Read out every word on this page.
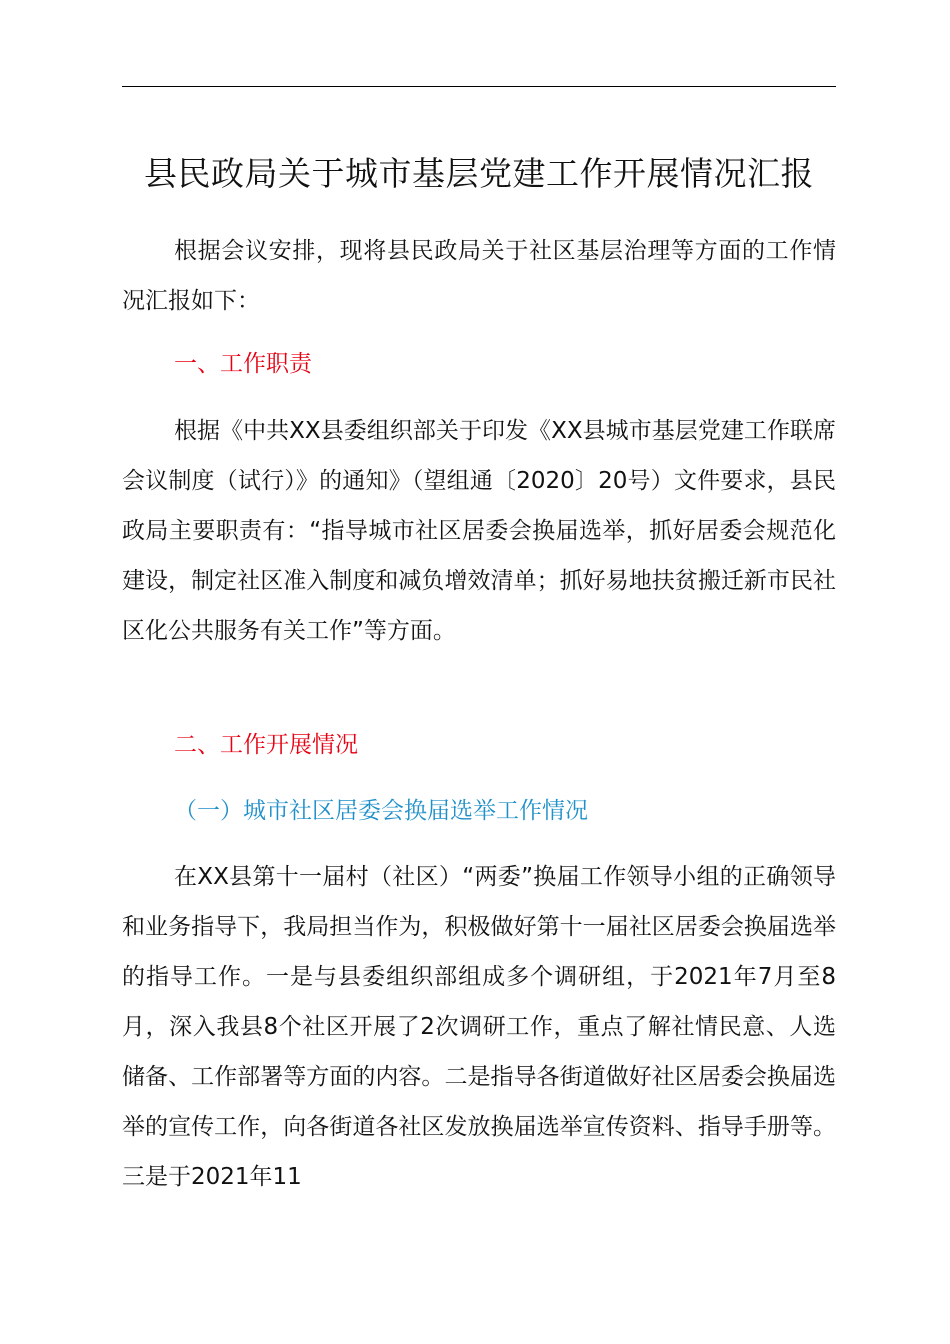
县民政局关于城市基层党建工作开展情况汇报

根据会议安排，现将县民政局关于社区基层治理等方面的工作情况汇报如下：

一、工作职责

根据《中共XX县委组织部关于印发《XX县城市基层党建工作联席会议制度（试行）》的通知》（望组通〔2020〕20号）文件要求，县民政局主要职责有：“指导城市社区居委会换届选举，抓好居委会规范化建设，制定社区准入制度和减负增效清单；抓好易地扶贫搬迁新市民社区化公共服务有关工作”等方面。

二、工作开展情况

（一）城市社区居委会换届选举工作情况

在XX县第十一届村（社区）“两委”换届工作领导小组的正确领导和业务指导下，我局担当作为，积极做好第十一届社区居委会换届选举的指导工作。一是与县委组织部组成多个调研组，于2021年7月至8月，深入我县8个社区开展了2次调研工作，重点了解社情民意、人选储备、工作部署等方面的内容。二是指导各街道做好社区居委会换届选举的宣传工作，向各街道各社区发放换届选举宣传资料、指导手册等。三是于2021年11
